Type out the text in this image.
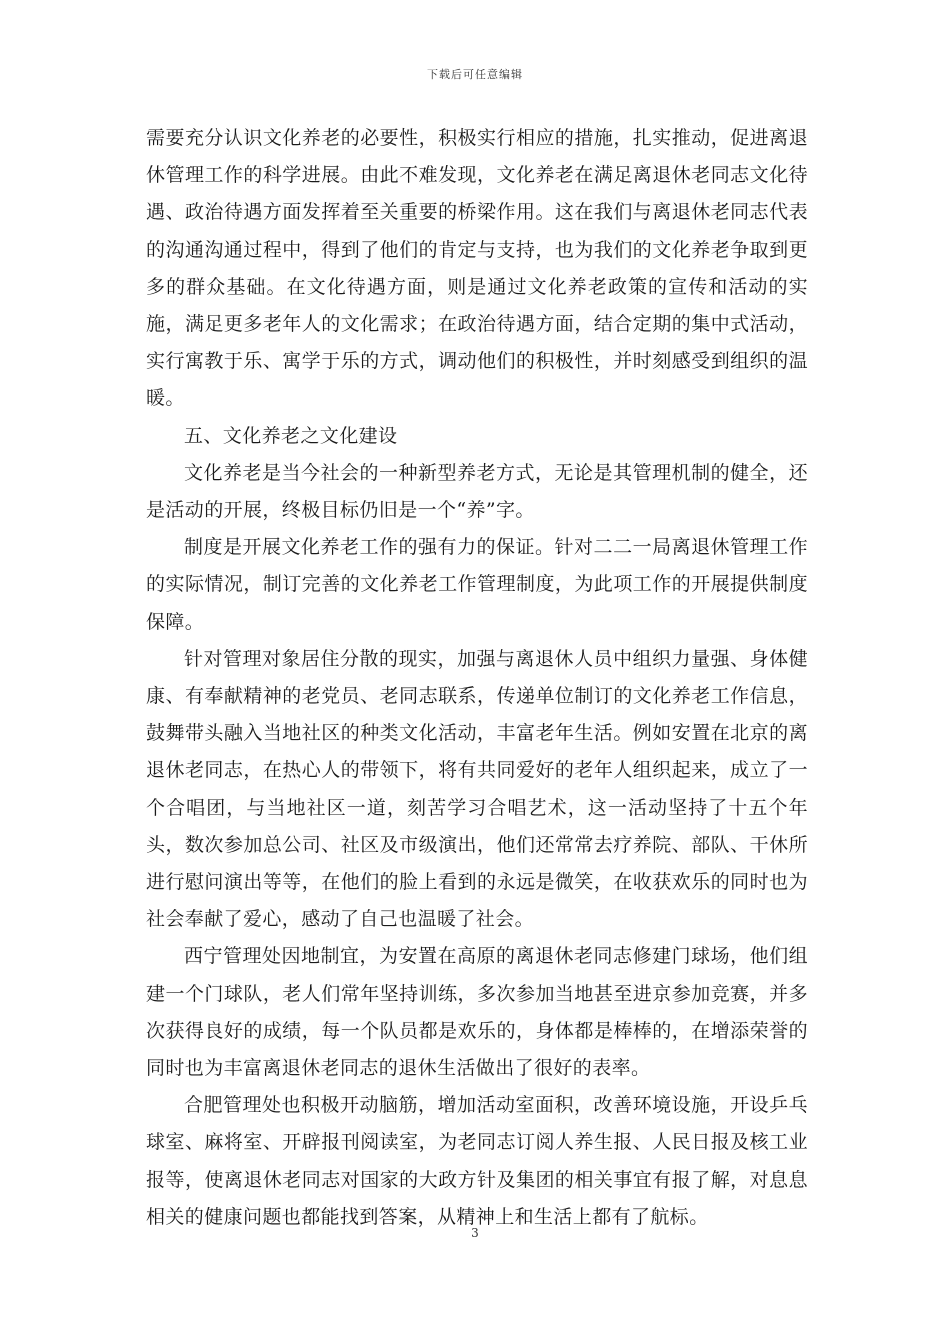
下载后可任意编辑

需要充分认识文化养老的必要性，积极实行相应的措施，扎实推动，促进离退休管理工作的科学进展。由此不难发现，文化养老在满足离退休老同志文化待遇、政治待遇方面发挥着至关重要的桥梁作用。这在我们与离退休老同志代表的沟通沟通过程中，得到了他们的肯定与支持，也为我们的文化养老争取到更多的群众基础。在文化待遇方面，则是通过文化养老政策的宣传和活动的实施，满足更多老年人的文化需求；在政治待遇方面，结合定期的集中式活动，实行寓教于乐、寓学于乐的方式，调动他们的积极性，并时刻感受到组织的温暖。

五、文化养老之文化建设

文化养老是当今社会的一种新型养老方式，无论是其管理机制的健全，还是活动的开展，终极目标仍旧是一个“养”字。

制度是开展文化养老工作的强有力的保证。针对二二一局离退休管理工作的实际情况，制订完善的文化养老工作管理制度，为此项工作的开展提供制度保障。

针对管理对象居住分散的现实，加强与离退休人员中组织力量强、身体健康、有奉献精神的老党员、老同志联系，传递单位制订的文化养老工作信息，鼓舞带头融入当地社区的种类文化活动，丰富老年生活。例如安置在北京的离退休老同志，在热心人的带领下，将有共同爱好的老年人组织起来，成立了一个合唱团，与当地社区一道，刻苦学习合唱艺术，这一活动坚持了十五个年头，数次参加总公司、社区及市级演出，他们还常常去疗养院、部队、干休所进行慰问演出等等，在他们的脸上看到的永远是微笑，在收获欢乐的同时也为社会奉献了爱心，感动了自己也温暖了社会。

西宁管理处因地制宜，为安置在高原的离退休老同志修建门球场，他们组建一个门球队，老人们常年坚持训练，多次参加当地甚至进京参加竞赛，并多次获得良好的成绩，每一个队员都是欢乐的，身体都是棒棒的，在增添荣誉的同时也为丰富离退休老同志的退休生活做出了很好的表率。

合肥管理处也积极开动脑筋，增加活动室面积，改善环境设施，开设乒乓球室、麻将室、开辟报刊阅读室，为老同志订阅人养生报、人民日报及核工业报等，使离退休老同志对国家的大政方针及集团的相关事宜有报了解，对息息相关的健康问题也都能找到答案，从精神上和生活上都有了航标。

3
